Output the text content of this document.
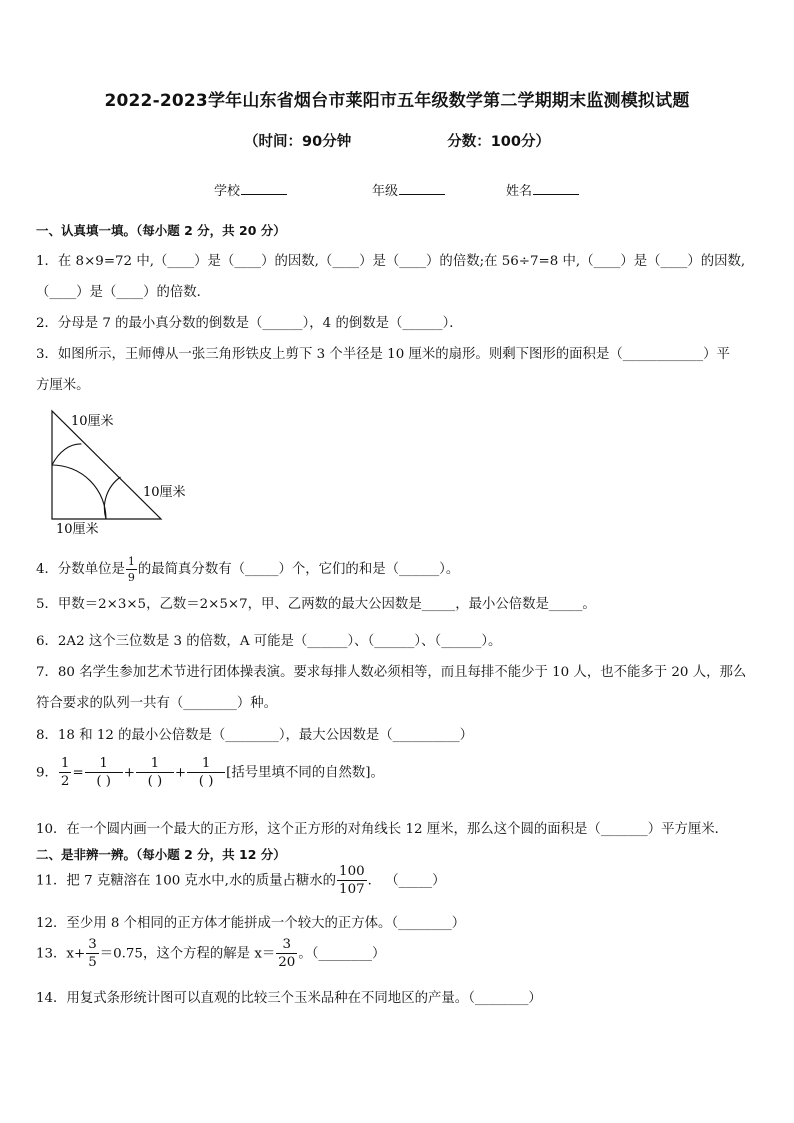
2022-2023学年山东省烟台市莱阳市五年级数学第二学期期末监测模拟试题
（时间：90分钟	分数：100分）
学校	年级	姓名
一、认真填一填。（每小题 2 分，共 20 分）
1．在 8×9=72 中,（____）是（____）的因数,（____）是（____）的倍数;在 56÷7=8 中,（____）是（____）的因数,
（____）是（____）的倍数．
2．分母是 7 的最小真分数的倒数是（______），4 的倒数是（______）．
3．如图所示，王师傅从一张三角形铁皮上剪下 3 个半径是 10 厘米的扇形。则剩下图形的面积是（____________）平
方厘米。
10厘米
10厘米
10厘米
4．分数单位是 $\frac{1}{9}$ 的最简真分数有（_____）个，它们的和是（______）。
5．甲数＝2×3×5，乙数＝2×5×7，甲、乙两数的最大公因数是_____，最小公倍数是_____。
6．2A2 这个三位数是 3 的倍数，A 可能是（______）、（______）、（______）。
7．80 名学生参加艺术节进行团体操表演。要求每排人数必须相等，而且每排不能少于 10 人，也不能多于 20 人，那么
符合要求的队列一共有（________）种。
8．18 和 12 的最小公倍数是（________），最大公因数是（__________）
9． $\frac{1}{2} = \frac{1}{( )} + \frac{1}{( )} + \frac{1}{( )}$ [括号里填不同的自然数]。
10．在一个圆内画一个最大的正方形，这个正方形的对角线长 12 厘米，那么这个圆的面积是（_______）平方厘米．
二、是非辨一辨。（每小题 2 分，共 12 分）
11．把 7 克糖溶在 100 克水中,水的质量占糖水的 $\frac{100}{107}$ ． （_____）
12．至少用 8 个相同的正方体才能拼成一个较大的正方体。（________）
13．$x+ \frac{3}{5} =0.75$，这个方程的解是 $x= \frac{3}{20}$ 。（________）
14．用复式条形统计图可以直观的比较三个玉米品种在不同地区的产量。（________）
